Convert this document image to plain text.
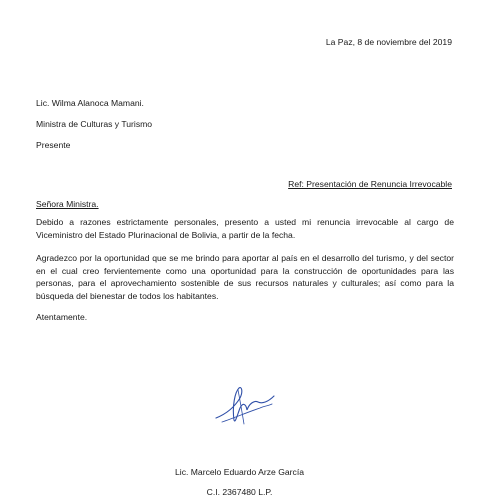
La Paz, 8 de noviembre del 2019
Lic. Wilma Alanoca Mamani.
Ministra de Culturas y Turismo
Presente
Ref: Presentación de Renuncia Irrevocable
Señora Ministra.
Debido a razones estrictamente personales, presento a usted mi renuncia irrevocable al cargo de Viceministro del Estado Plurinacional de Bolivia, a partir de la fecha.
Agradezco por la oportunidad que se me brindo para aportar al país en el desarrollo del turismo, y del sector en el cual creo fervientemente como una oportunidad para la construcción de oportunidades para las personas, para el aprovechamiento sostenible de sus recursos naturales y culturales; así como para la búsqueda del bienestar de todos los habitantes.
Atentamente.
Lic. Marcelo Eduardo Arze García
C.I. 2367480 L.P.
